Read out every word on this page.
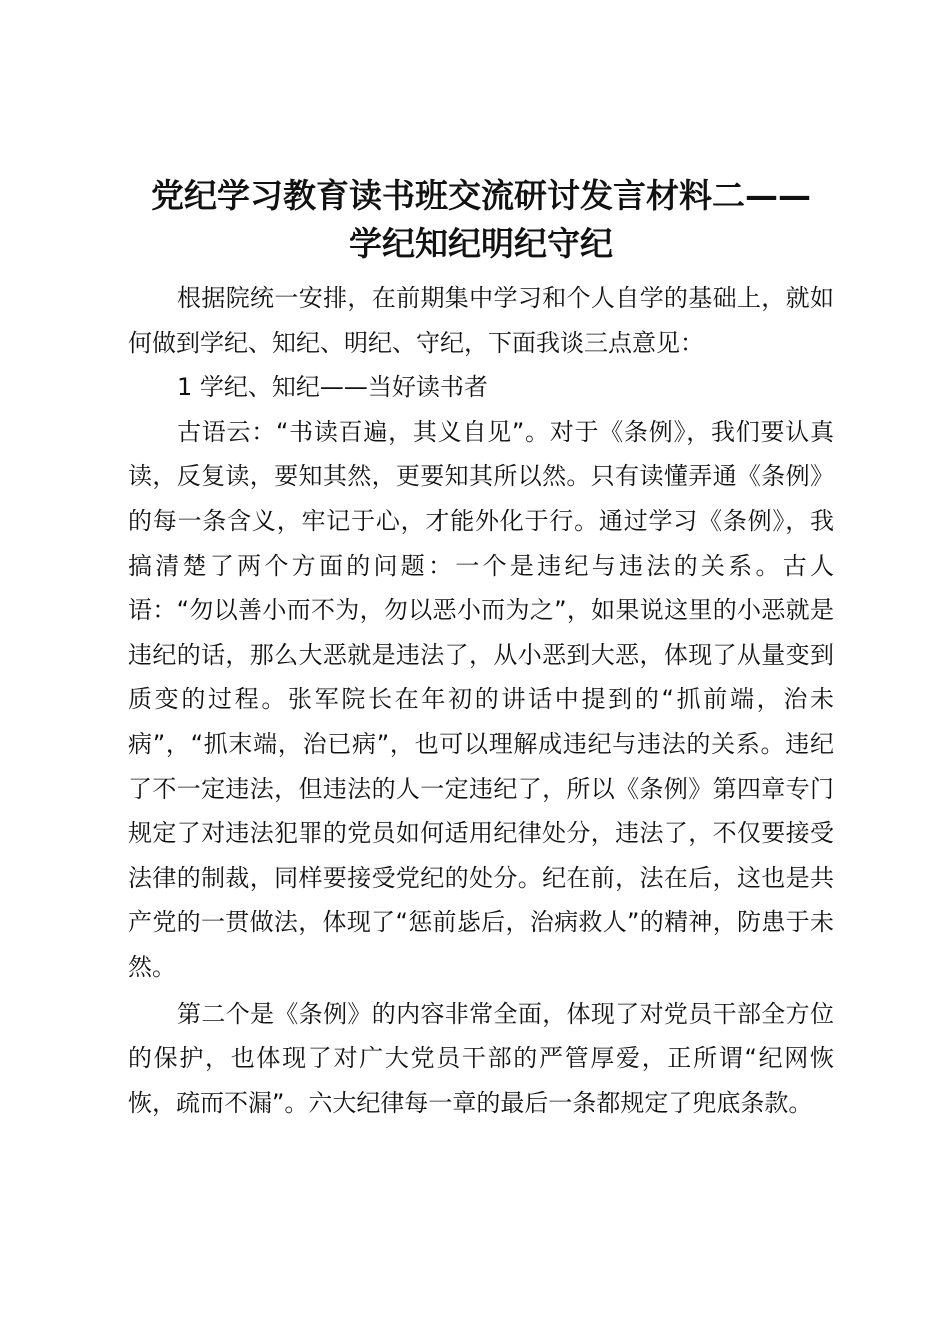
党纪学习教育读书班交流研讨发言材料二——
学纪知纪明纪守纪

根据院统一安排，在前期集中学习和个人自学的基础上，就如何做到学纪、知纪、明纪、守纪，下面我谈三点意见：

1 学纪、知纪——当好读书者

古语云：“书读百遍，其义自见”。对于《条例》，我们要认真读，反复读，要知其然，更要知其所以然。只有读懂弄通《条例》的每一条含义，牢记于心，才能外化于行。通过学习《条例》，我搞清楚了两个方面的问题：一个是违纪与违法的关系。古人语：“勿以善小而不为，勿以恶小而为之”，如果说这里的小恶就是违纪的话，那么大恶就是违法了，从小恶到大恶，体现了从量变到质变的过程。张军院长在年初的讲话中提到的“抓前端，治未病”，“抓末端，治已病”，也可以理解成违纪与违法的关系。违纪了不一定违法，但违法的人一定违纪了，所以《条例》第四章专门规定了对违法犯罪的党员如何适用纪律处分，违法了，不仅要接受法律的制裁，同样要接受党纪的处分。纪在前，法在后，这也是共产党的一贯做法，体现了“惩前毖后，治病救人”的精神，防患于未然。

第二个是《条例》的内容非常全面，体现了对党员干部全方位的保护，也体现了对广大党员干部的严管厚爱，正所谓“纪网恢恢，疏而不漏”。六大纪律每一章的最后一条都规定了兜底条款。
